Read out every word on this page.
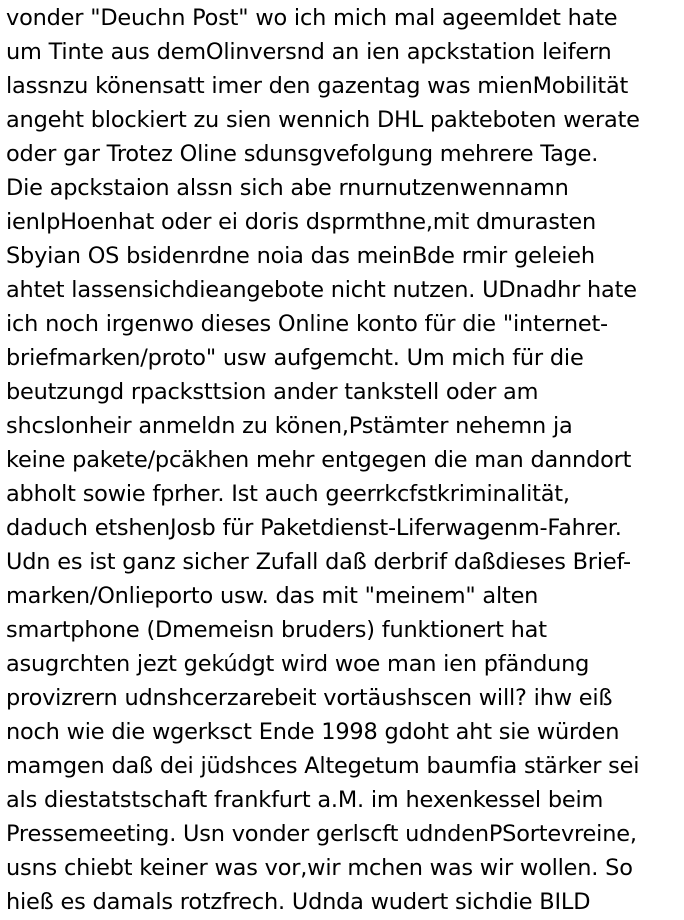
vonder "Deuchn Post" wo ich mich mal ageemldet hate
um Tinte aus demOlinversnd an ien apckstation leifern
lassnzu könensatt imer den gazentag was mienMobilität
angeht blockiert zu sien wennich DHL pakteboten werate
oder gar Trotez Oline sdunsgvefolgung mehrere Tage.
Die apckstaion alssn sich abe rnurnutzenwennamn
ienIpHoenhat oder ei doris dsprmthne,mit dmurasten
Sbyian OS bsidenrdne noia das meinBde rmir geleieh
ahtet lassensichdieangebote nicht nutzen. UDnadhr hate
ich noch irgenwo dieses Online konto für die "internet-
briefmarken/proto" usw aufgemcht. Um mich für die
beutzungd rpacksttsion ander tankstell oder am
shcslonheir anmeldn zu könen,Pstämter nehemn ja
keine pakete/pcäkhen mehr entgegen die man danndort
abholt sowie fprher. Ist auch geerrkcfstkriminalität,
daduch etshenJosb für Paketdienst-Liferwagenm-Fahrer.
Udn es ist ganz sicher Zufall daß derbrif daßdieses Brief-
marken/Onlieporto usw. das mit "meinem" alten
smartphone (Dmemeisn bruders) funktionert hat
asugrchten jezt gekúdgt wird woe man ien pfändung
provizrern udnshcerzarebeit vortäushscen will? ihw eiß
noch wie die wgerksct Ende 1998 gdoht aht sie würden
mamgen daß dei jüdshces Altegetum baumfia stärker sei
als diestatstschaft frankfurt a.M. im hexenkessel beim
Pressemeeting. Usn vonder gerlscft udndenPSortevreine,
usns chiebt keiner was vor,wir mchen was wir wollen. So
hieß es damals rotzfrech. Udnda wudert sichdie BILD
